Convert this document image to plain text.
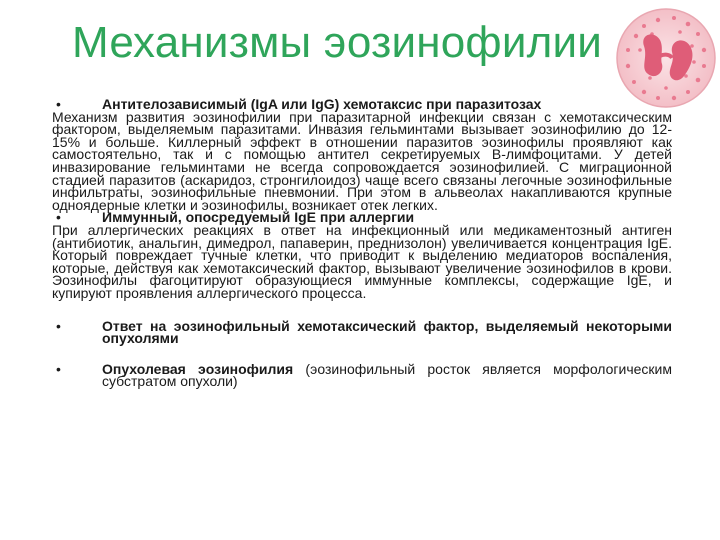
Механизмы эозинофилии

•	Антителозависимый (IgA или IgG) хемотаксис при паразитозах

Механизм развития эозинофилии при паразитарной инфекции связан с хемотаксическим фактором, выделяемым паразитами. Инвазия гельминтами вызывает эозинофилию до 12-15% и больше. Киллерный эффект в отношении паразитов эозинофилы проявляют как самостоятельно, так и с помощью антител секретируемых В-лимфоцитами. У детей инвазирование гельминтами не всегда сопровождается эозинофилией. С миграционной стадией паразитов (аскаридоз, стронгилоидоз) чаще всего связаны легочные эозинофильные инфильтраты, эозинофильные пневмонии. При этом в альвеолах накапливаются крупные одноядерные клетки и эозинофилы, возникает отек легких.

•	Иммунный, опосредуемый IgE при аллергии

При аллергических реакциях в ответ на инфекционный или медикаментозный антиген (антибиотик, анальгин, димедрол, папаверин, преднизолон) увеличивается концентрация IgE. Который повреждает тучные клетки, что приводит к выделению медиаторов воспаления, которые, действуя как хемотаксический фактор, вызывают увеличение эозинофилов в крови. Эозинофилы фагоцитируют образующиеся иммунные комплексы, содержащие IgE, и купируют проявления аллергического процесса.

•	Ответ на эозинофильный хемотаксический фактор, выделяемый некоторыми опухолями

•	Опухолевая эозинофилия (эозинофильный росток является морфологическим субстратом опухоли)
